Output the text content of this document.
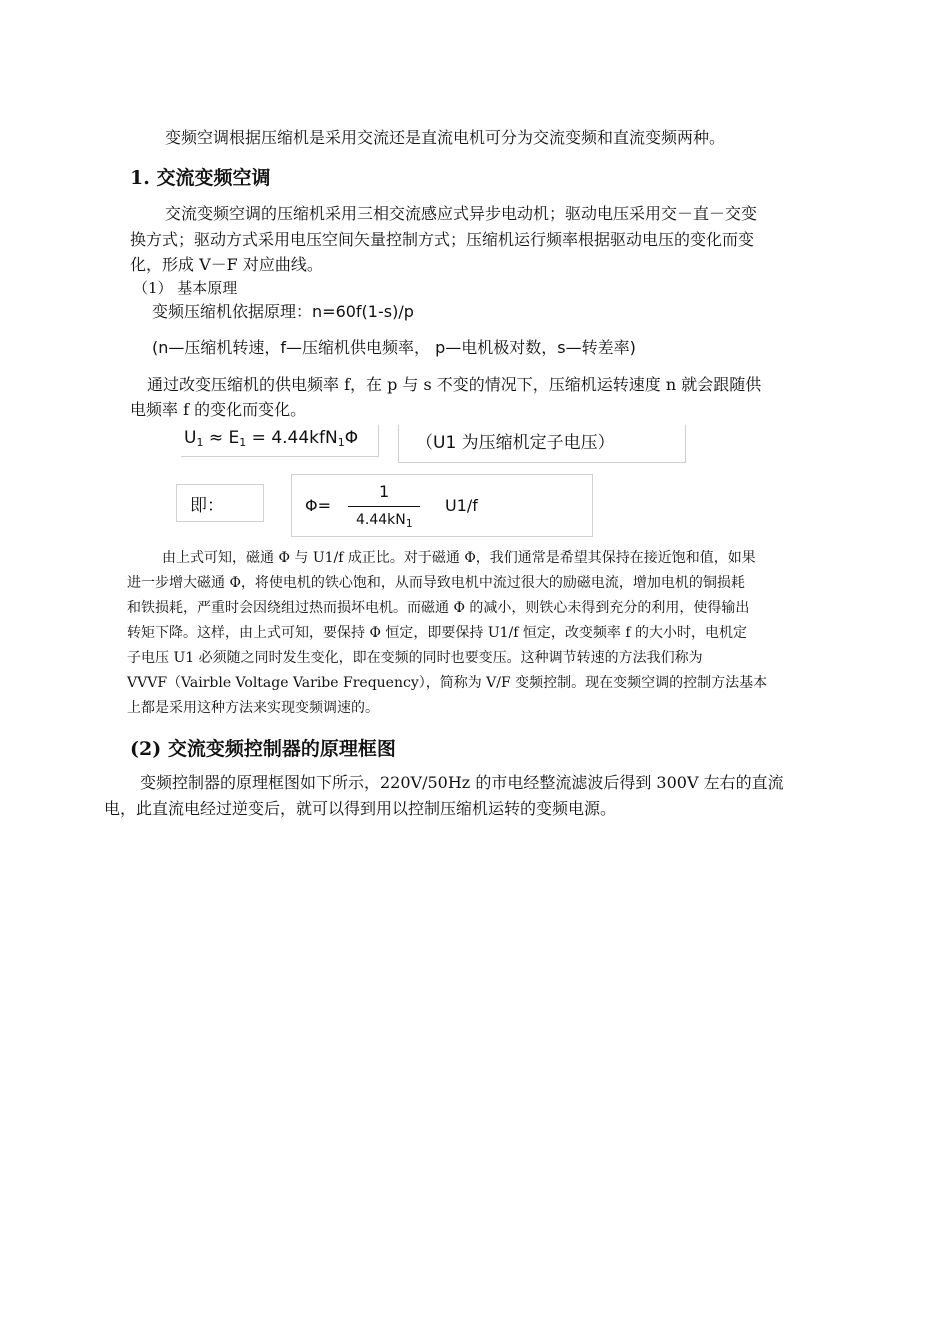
变频空调根据压缩机是采用交流还是直流电机可分为交流变频和直流变频两种。
1. 交流变频空调
交流变频空调的压缩机采用三相交流感应式异步电动机；驱动电压采用交－直－交变
换方式；驱动方式采用电压空间矢量控制方式；压缩机运行频率根据驱动电压的变化而变
化，形成 V－F 对应曲线。
（1） 基本原理
变频压缩机依据原理：n=60f(1-s)/p
(n—压缩机转速，f—压缩机供电频率， p—电机极对数，s—转差率)
通过改变压缩机的供电频率 f，在 p 与 s 不变的情况下，压缩机运转速度 n 就会跟随供
电频率 f 的变化而变化。
$U_1 \approx E_1 = 4.44kfN_1\Phi$	（U1 为压缩机定子电压）
即：	Φ=
1
$4.44kN_1$
U1/f
由上式可知，磁通 Φ 与 U1/f 成正比。对于磁通 Φ，我们通常是希望其保持在接近饱和值，如果
进一步增大磁通 Φ，将使电机的铁心饱和，从而导致电机中流过很大的励磁电流，增加电机的铜损耗
和铁损耗，严重时会因绕组过热而损坏电机。而磁通 Φ 的减小，则铁心未得到充分的利用，使得输出
转矩下降。这样，由上式可知，要保持 Φ 恒定，即要保持 U1/f 恒定，改变频率 f 的大小时，电机定
子电压 U1 必须随之同时发生变化，即在变频的同时也要变压。这种调节转速的方法我们称为
VVVF（Vairble Voltage Varibe Frequency），简称为 V/F 变频控制。现在变频空调的控制方法基本
上都是采用这种方法来实现变频调速的。
(2) 交流变频控制器的原理框图
变频控制器的原理框图如下所示，220V/50Hz 的市电经整流滤波后得到 300V 左右的直流
电，此直流电经过逆变后，就可以得到用以控制压缩机运转的变频电源。
